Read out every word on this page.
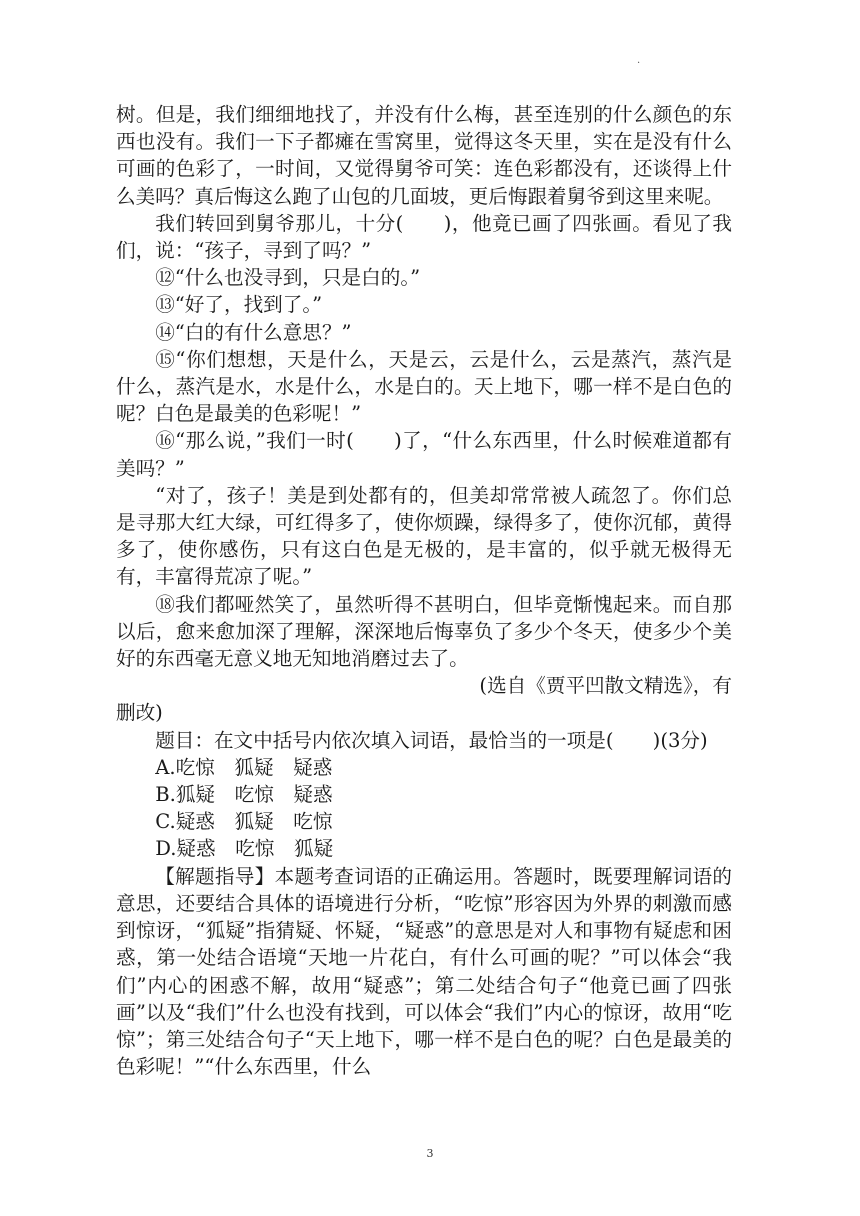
.

树。但是，我们细细地找了，并没有什么梅，甚至连别的什么颜色的东西也没有。我们一下子都瘫在雪窝里，觉得这冬天里，实在是没有什么可画的色彩了，一时间，又觉得舅爷可笑：连色彩都没有，还谈得上什么美吗？真后悔这么跑了山包的几面坡，更后悔跟着舅爷到这里来呢。

我们转回到舅爷那儿，十分(　　)，他竟已画了四张画。看见了我们，说：“孩子，寻到了吗？”

⑫“什么也没寻到，只是白的。”

⑬“好了，找到了。”

⑭“白的有什么意思？”

⑮“你们想想，天是什么，天是云，云是什么，云是蒸汽，蒸汽是什么，蒸汽是水，水是什么，水是白的。天上地下，哪一样不是白色的呢？白色是最美的色彩呢！”

⑯“那么说，”我们一时(　　)了，“什么东西里，什么时候难道都有美吗？”

“对了，孩子！美是到处都有的，但美却常常被人疏忽了。你们总是寻那大红大绿，可红得多了，使你烦躁，绿得多了，使你沉郁，黄得多了，使你感伤，只有这白色是无极的，是丰富的，似乎就无极得无有，丰富得荒凉了呢。”

⑱我们都哑然笑了，虽然听得不甚明白，但毕竟惭愧起来。而自那以后，愈来愈加深了理解，深深地后悔辜负了多少个冬天，使多少个美好的东西毫无意义地无知地消磨过去了。

(选自《贾平凹散文精选》，有

删改)

题目：在文中括号内依次填入词语，最恰当的一项是(　　)(3分)

A.吃惊　狐疑　疑惑

B.狐疑　吃惊　疑惑

C.疑惑　狐疑　吃惊

D.疑惑　吃惊　狐疑

【解题指导】本题考查词语的正确运用。答题时，既要理解词语的意思，还要结合具体的语境进行分析，“吃惊”形容因为外界的刺激而感到惊讶，“狐疑”指猜疑、怀疑，“疑惑”的意思是对人和事物有疑虑和困惑，第一处结合语境“天地一片花白，有什么可画的呢？”可以体会“我们”内心的困惑不解，故用“疑惑”；第二处结合句子“他竟已画了四张画”以及“我们”什么也没有找到，可以体会“我们”内心的惊讶，故用“吃惊”；第三处结合句子“天上地下，哪一样不是白色的呢？白色是最美的色彩呢！”“什么东西里，什么

3
